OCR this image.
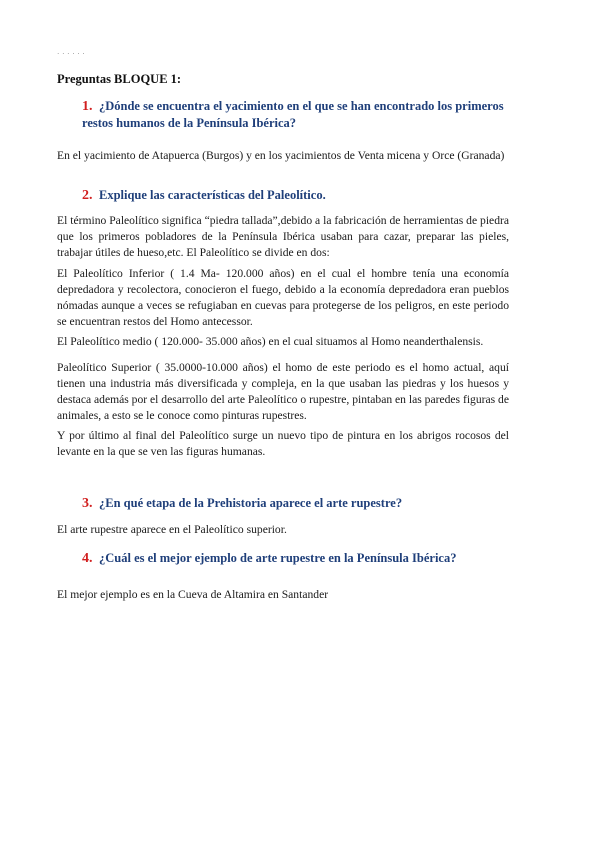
· · · · · ·
Preguntas BLOQUE 1:
1. ¿Dónde se encuentra el yacimiento en el que se han encontrado los primeros restos humanos de la Península Ibérica?

En el yacimiento de Atapuerca (Burgos) y en los yacimientos de Venta micena y Orce (Granada)

2. Explique las características del Paleolítico.

El término Paleolítico significa “piedra tallada”,debido a la fabricación de herramientas de piedra que los primeros pobladores de la Península Ibérica usaban para cazar, preparar las pieles, trabajar útiles de hueso,etc. El Paleolítico se divide en dos:

El Paleolítico Inferior ( 1.4 Ma- 120.000 años) en el cual el hombre tenía una economía depredadora y recolectora, conocieron el fuego, debido a la economía depredadora eran pueblos nómadas aunque a veces se refugiaban en cuevas para protegerse de los peligros, en este periodo se encuentran restos del Homo antecessor.

El Paleolítico medio ( 120.000- 35.000 años) en el cual situamos al Homo neanderthalensis.

Paleolítico Superior ( 35.0000-10.000 años) el homo de este periodo es el homo actual, aquí tienen una industria más diversificada y compleja, en la que usaban las piedras y los huesos y destaca además por el desarrollo del arte Paleolítico o rupestre, pintaban en las paredes figuras de animales, a esto se le conoce como pinturas rupestres.

Y por último al final del Paleolítico surge un nuevo tipo de pintura en los abrigos rocosos del levante en la que se ven las figuras humanas.

3. ¿En qué etapa de la Prehistoria aparece el arte rupestre?

El arte rupestre aparece en el Paleolítico superior.

4. ¿Cuál es el mejor ejemplo de arte rupestre en la Península Ibérica?

El mejor ejemplo es en la Cueva de Altamira en Santander
